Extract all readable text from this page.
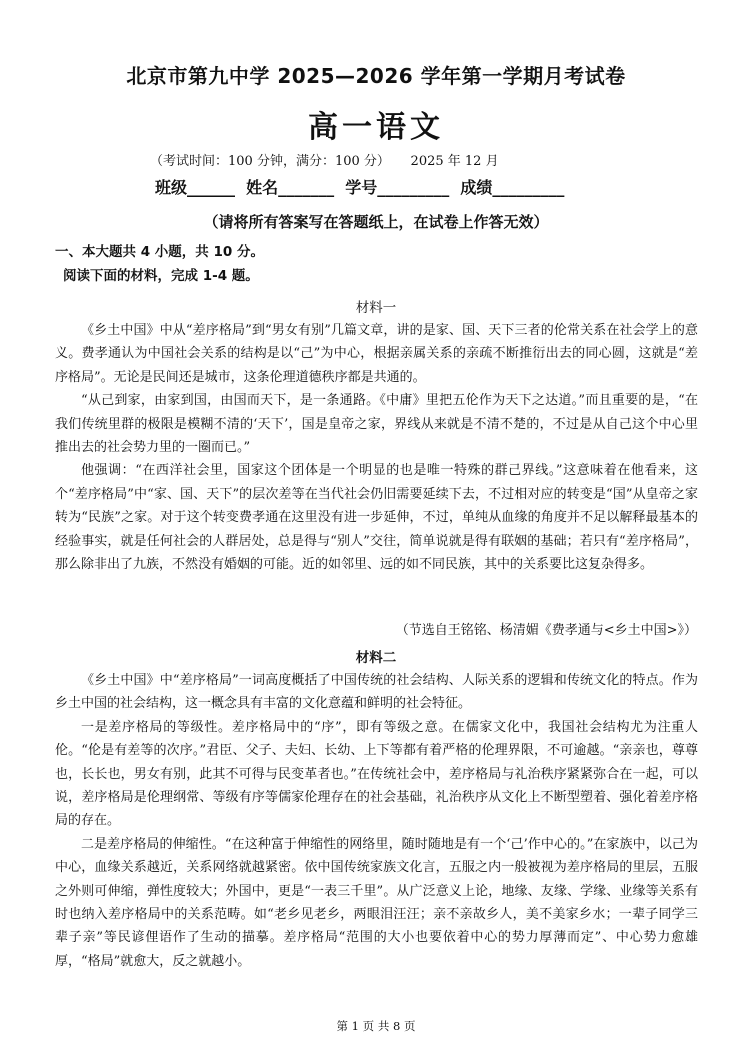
北京市第九中学 2025—2026 学年第一学期月考试卷
高一语文
（考试时间：100 分钟，满分：100 分）     2025 年 12 月
班级______  姓名_______  学号_________  成绩_________
（请将所有答案写在答题纸上，在试卷上作答无效）
一、本大题共 4 小题，共 10 分。
阅读下面的材料，完成 1-4 题。
材料一

《乡土中国》中从“差序格局”到“男女有别”几篇文章，讲的是家、国、天下三者的伦常关系在社会学上的意义。费孝通认为中国社会关系的结构是以“己”为中心，根据亲属关系的亲疏不断推衍出去的同心圆，这就是“差序格局”。无论是民间还是城市，这条伦理道德秩序都是共通的。

“从己到家，由家到国，由国而天下，是一条通路。《中庸》里把五伦作为天下之达道。”而且重要的是，“在我们传统里群的极限是模糊不清的‘天下’，国是皇帝之家，界线从来就是不清不楚的，不过是从自己这个中心里推出去的社会势力里的一圈而已。”

他强调：“在西洋社会里，国家这个团体是一个明显的也是唯一特殊的群己界线。”这意味着在他看来，这个“差序格局”中“家、国、天下”的层次差等在当代社会仍旧需要延续下去，不过相对应的转变是“国”从皇帝之家转为“民族”之家。对于这个转变费孝通在这里没有进一步延伸，不过，单纯从血缘的角度并不足以解释最基本的经验事实，就是任何社会的人群居处，总是得与“别人”交往，简单说就是得有联姻的基础；若只有“差序格局”，那么除非出了九族，不然没有婚姻的可能。近的如邻里、远的如不同民族，其中的关系要比这复杂得多。

（节选自王铭铭、杨清媚《费孝通与<乡土中国>》）
材料二

《乡土中国》中“差序格局”一词高度概括了中国传统的社会结构、人际关系的逻辑和传统文化的特点。作为乡土中国的社会结构，这一概念具有丰富的文化意蕴和鲜明的社会特征。

一是差序格局的等级性。差序格局中的“序”，即有等级之意。在儒家文化中，我国社会结构尤为注重人伦。“伦是有差等的次序。”君臣、父子、夫妇、长幼、上下等都有着严格的伦理界限，不可逾越。“亲亲也，尊尊也，长长也，男女有别，此其不可得与民变革者也。”在传统社会中，差序格局与礼治秩序紧紧弥合在一起，可以说，差序格局是伦理纲常、等级有序等儒家伦理存在的社会基础，礼治秩序从文化上不断型塑着、强化着差序格局的存在。

二是差序格局的伸缩性。“在这种富于伸缩性的网络里，随时随地是有一个‘己’作中心的。”在家族中，以己为中心，血缘关系越近，关系网络就越紧密。依中国传统家族文化言，五服之内一般被视为差序格局的里层，五服之外则可伸缩，弹性度较大；外国中，更是“一表三千里”。从广泛意义上论，地缘、友缘、学缘、业缘等关系有时也纳入差序格局中的关系范畴。如“老乡见老乡，两眼泪汪汪；亲不亲故乡人，美不美家乡水；一辈子同学三辈子亲”等民谚俚语作了生动的描摹。差序格局“范围的大小也要依着中心的势力厚薄而定”、中心势力愈雄厚，“格局”就愈大，反之就越小。

第 1 页 共 8 页
